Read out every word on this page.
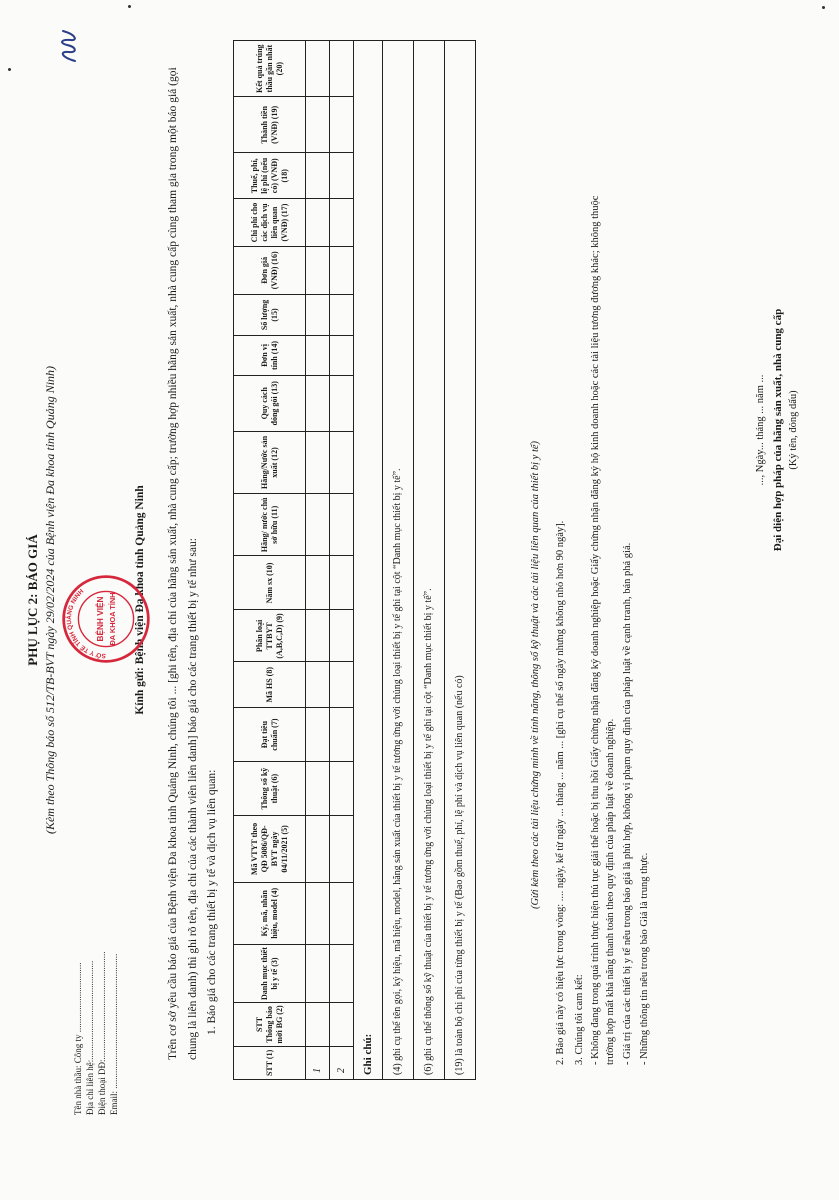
PHỤ LỤC 2: BÁO GIÁ (Kèm theo Thông báo số 512/TB-BVT ngày 29/02/2024 của Bệnh viện Đa khoa tỉnh Quảng Ninh)
Tên nhà thầu: Công ty ............................... Địa chỉ liên hệ:............................................ Điện thoại DĐ:................................................ Email: ............................................................
Kính gửi: Bệnh viện Đa khoa tỉnh Quảng Ninh	Trên cơ sở yêu cầu báo giá của Bệnh viện Đa khoa tỉnh Quảng Ninh, chúng tôi ... [ghi tên, địa chỉ của hãng sản xuất, nhà cung cấp; trường hợp nhiều hãng sản xuất, nhà cung cấp cùng tham gia trong một báo giá (gọi chung là liên danh) thì ghi rõ tên, địa chỉ của các thành viên liên danh] báo giá cho các trang thiết bị y tế như sau: 1. Báo giá cho các trang thiết bị y tế và dịch vụ liên quan:
STT (1)	STT Thông báo mời BG (2)	Danh mục thiết bị y tế (3)	Ký, mã, nhãn hiệu, model (4)	Mã VTYT theo QĐ 5086/QĐ-BYT ngày 04/11/2021 (5)	Thông số kỹ thuật (6)	Đạt tiêu chuẩn (7)	Mã HS (8)	Phân loại TTBYT (A,B,C,D) (9)	Năm sx (10)	Hãng/ nước chủ sở hữu (11)	Hãng/Nước sản xuất (12)	Quy cách đóng gói (13)	Đơn vị tính (14)	Số lượng (15)	Đơn giá (VNĐ) (16)	Chi phí cho các dịch vụ liên quan (VNĐ) (17)	Thuế, phí, lệ phí (nếu có) (VNĐ) (18)	Thành tiền (VNĐ) (19)	Kết quả trúng thầu gần nhất (20)
1																			
2																			
Ghi chú:																			
(4) ghi cụ thể tên gọi, ký hiệu, mã hiệu, model, hãng sản xuất của thiết bị y tế tương ứng với chủng loại thiết bị y tế ghi tại cột “Danh mục thiết bị y tế”.																			
(6) ghi cụ thể thông số kỹ thuật của thiết bị y tế tương ứng với chủng loại thiết bị y tế ghi tại cột “Danh mục thiết bị y tế”.																			
(19) là toàn bộ chi phí của từng thiết bị y tế (Bao gồm thuế, phí, lệ phí và dịch vụ liên quan (nếu có)																				(Gửi kèm theo các tài liệu chứng minh về tính năng, thông số kỹ thuật và các tài liệu liên quan của thiết bị y tế) 2. Báo giá này có hiệu lực trong vòng: .... ngày, kể từ ngày ... tháng ... năm ... [ghi cụ thể số ngày nhưng không nhỏ hơn 90 ngày]. 3. Chúng tôi cam kết: - Không đang trong quá trình thực hiện thủ tục giải thể hoặc bị thu hồi Giấy chứng nhận đăng ký doanh nghiệp hoặc Giấy chứng nhận đăng ký hộ kinh doanh hoặc các tài liệu tương đương khác; không thuộc trường hợp mất khả năng thanh toán theo quy định của pháp luật về doanh nghiệp. - Giá trị của các thiết bị y tế nêu trong báo giá là phù hợp, không vi phạm quy định của pháp luật về cạnh tranh, bán phá giá. - Những thông tin nêu trong báo Giá là trung thực.
..., Ngày... tháng ... năm ... Đại diện hợp pháp của hãng sản xuất, nhà cung cấp (Ký tên, đóng dấu)
SỞ Y TẾ TỈNH QUẢNG NINH
BỆNH VIỆN ĐA KHOA TỈNH
